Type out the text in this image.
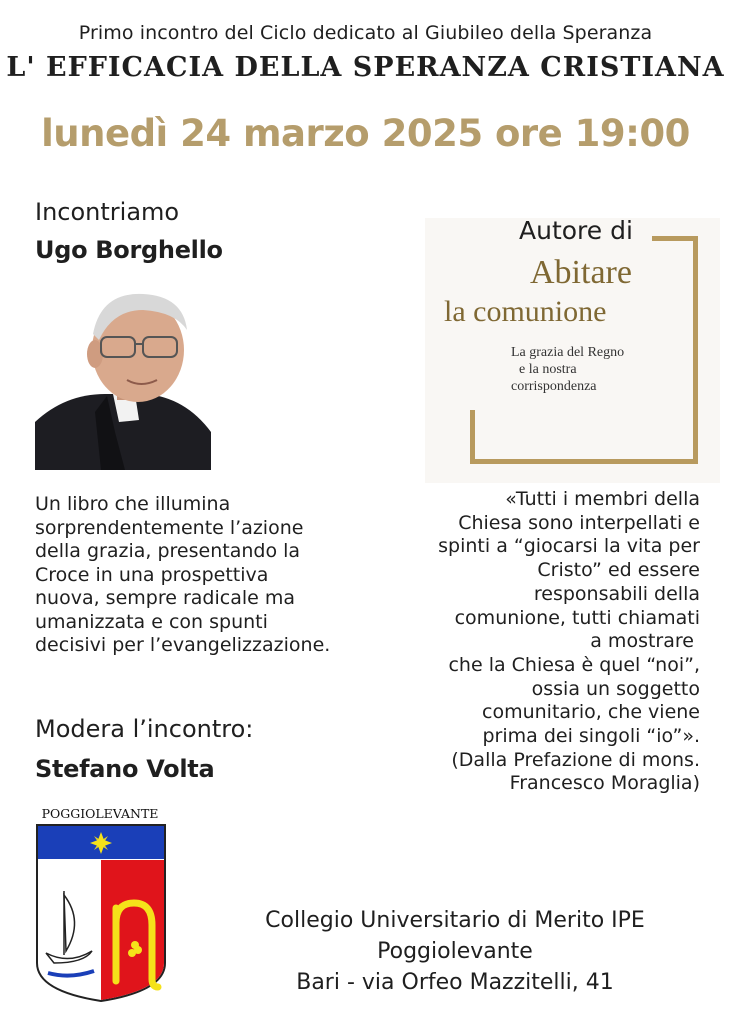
Primo incontro del Ciclo dedicato al Giubileo della Speranza
L' EFFICACIA DELLA SPERANZA CRISTIANA
lunedì 24 marzo 2025 ore 19:00
Incontriamo
Ugo Borghello
Autore di
Abitare
la comunione
La grazia del Regno
e la nostra
corrispondenza
Un libro che illumina
sorprendentemente l’azione
della grazia, presentando la
Croce in una prospettiva
nuova, sempre radicale ma
umanizzata e con spunti
decisivi per l’evangelizzazione.
«Tutti i membri della
Chiesa sono interpellati e
spinti a “giocarsi la vita per
Cristo” ed essere
responsabili della
comunione, tutti chiamati
a mostrare
che la Chiesa è quel “noi”,
ossia un soggetto
comunitario, che viene
prima dei singoli “io”».
(Dalla Prefazione di mons.
Francesco Moraglia)
Modera l’incontro:
Stefano Volta
POGGIOLEVANTE
Collegio Universitario di Merito IPE
Poggiolevante
Bari - via Orfeo Mazzitelli, 41
